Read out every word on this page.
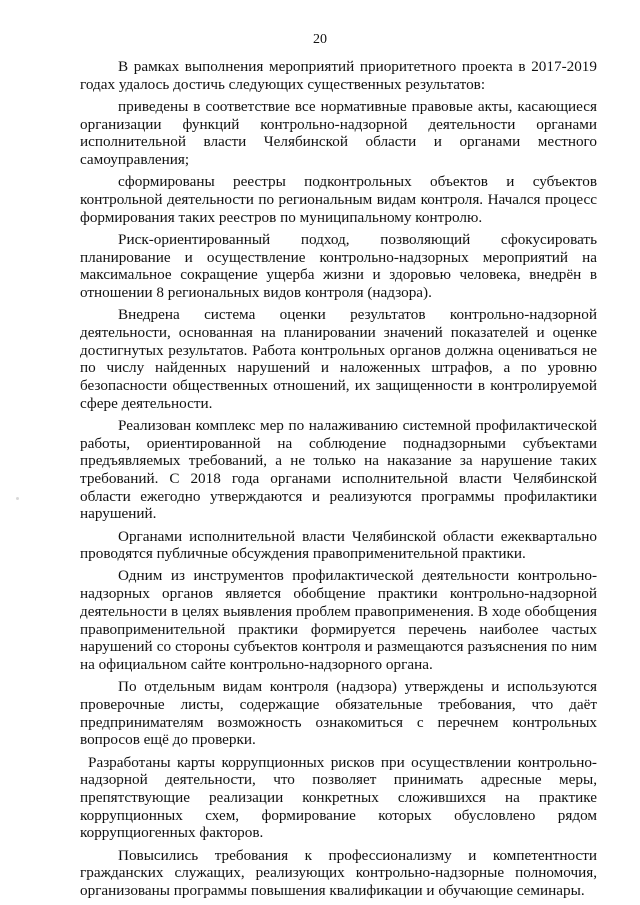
20

В рамках выполнения мероприятий приоритетного проекта в 2017-2019 годах удалось достичь следующих существенных результатов:

приведены в соответствие все нормативные правовые акты, касающиеся организации функций контрольно-надзорной деятельности органами исполнительной власти Челябинской области и органами местного самоуправления;

сформированы реестры подконтрольных объектов и субъектов контрольной деятельности по региональным видам контроля. Начался процесс формирования таких реестров по муниципальному контролю.

Риск-ориентированный подход, позволяющий сфокусировать планирование и осуществление контрольно-надзорных мероприятий на максимальное сокращение ущерба жизни и здоровью человека, внедрён в отношении 8 региональных видов контроля (надзора).

Внедрена система оценки результатов контрольно-надзорной деятельности, основанная на планировании значений показателей и оценке достигнутых результатов. Работа контрольных органов должна оцениваться не по числу найденных нарушений и наложенных штрафов, а по уровню безопасности общественных отношений, их защищенности в контролируемой сфере деятельности.

Реализован комплекс мер по налаживанию системной профилактической работы, ориентированной на соблюдение поднадзорными субъектами предъявляемых требований, а не только на наказание за нарушение таких требований. С 2018 года органами исполнительной власти Челябинской области ежегодно утверждаются и реализуются программы профилактики нарушений.

Органами исполнительной власти Челябинской области ежеквартально проводятся публичные обсуждения правоприменительной практики.

Одним из инструментов профилактической деятельности контрольно-надзорных органов является обобщение практики контрольно-надзорной деятельности в целях выявления проблем правоприменения. В ходе обобщения правоприменительной практики формируется перечень наиболее частых нарушений со стороны субъектов контроля и размещаются разъяснения по ним на официальном сайте контрольно-надзорного органа.

По отдельным видам контроля (надзора) утверждены и используются проверочные листы, содержащие обязательные требования, что даёт предпринимателям возможность ознакомиться с перечнем контрольных вопросов ещё до проверки.

Разработаны карты коррупционных рисков при осуществлении контрольно-надзорной деятельности, что позволяет принимать адресные меры, препятствующие реализации конкретных сложившихся на практике коррупционных схем, формирование которых обусловлено рядом коррупциогенных факторов.

Повысились требования к профессионализму и компетентности гражданских служащих, реализующих контрольно-надзорные полномочия, организованы программы повышения квалификации и обучающие семинары.
